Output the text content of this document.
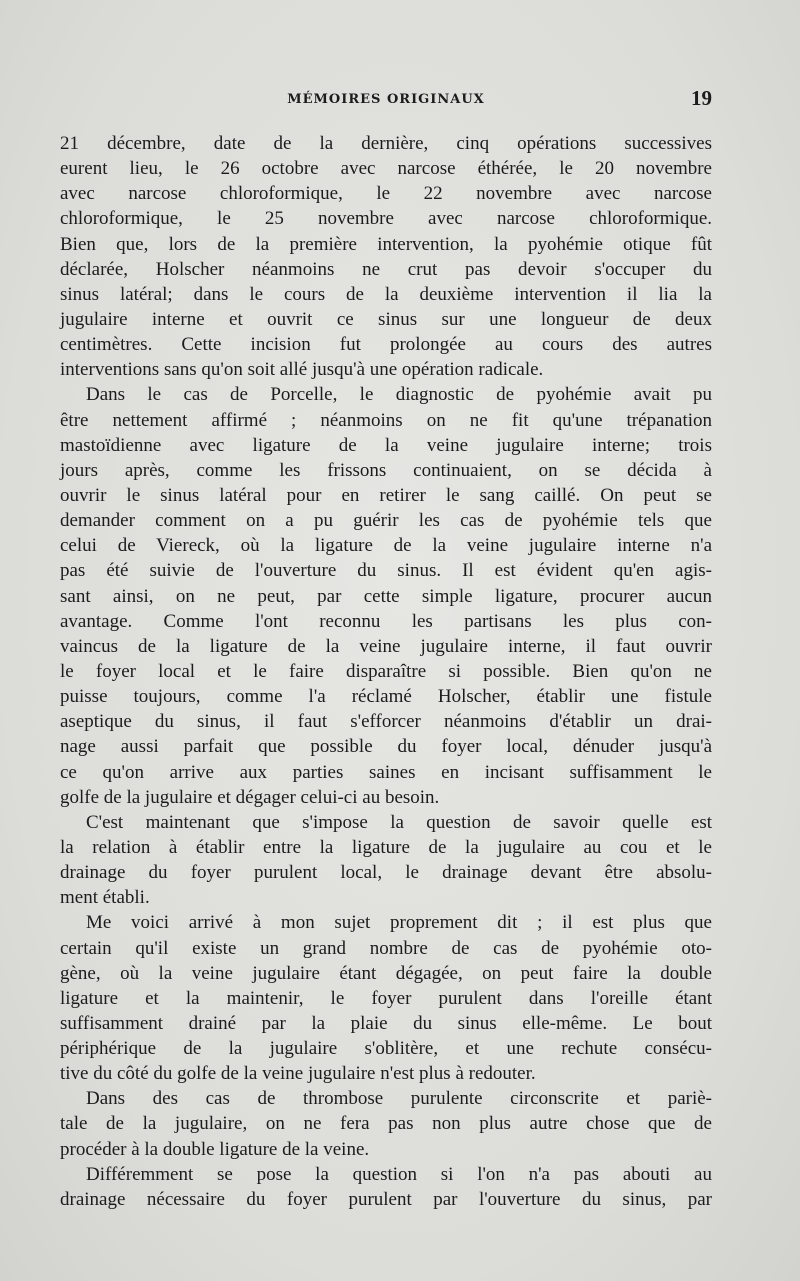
MÉMOIRES ORIGINAUX	19
21 décembre, date de la dernière, cinq opérations successives
eurent lieu, le 26 octobre avec narcose éthérée, le 20 novembre
avec narcose chloroformique, le 22 novembre avec narcose
chloroformique, le 25 novembre avec narcose chloroformique.
Bien que, lors de la première intervention, la pyohémie otique fût
déclarée, Holscher néanmoins ne crut pas devoir s'occuper du
sinus latéral; dans le cours de la deuxième intervention il lia la
jugulaire interne et ouvrit ce sinus sur une longueur de deux
centimètres. Cette incision fut prolongée au cours des autres
interventions sans qu'on soit allé jusqu'à une opération radicale.
Dans le cas de Porcelle, le diagnostic de pyohémie avait pu
être nettement affirmé ; néanmoins on ne fit qu'une trépanation
mastoïdienne avec ligature de la veine jugulaire interne; trois
jours après, comme les frissons continuaient, on se décida à
ouvrir le sinus latéral pour en retirer le sang caillé. On peut se
demander comment on a pu guérir les cas de pyohémie tels que
celui de Viereck, où la ligature de la veine jugulaire interne n'a
pas été suivie de l'ouverture du sinus. Il est évident qu'en agis-
sant ainsi, on ne peut, par cette simple ligature, procurer aucun
avantage. Comme l'ont reconnu les partisans les plus con-
vaincus de la ligature de la veine jugulaire interne, il faut ouvrir
le foyer local et le faire disparaître si possible. Bien qu'on ne
puisse toujours, comme l'a réclamé Holscher, établir une fistule
aseptique du sinus, il faut s'efforcer néanmoins d'établir un drai-
nage aussi parfait que possible du foyer local, dénuder jusqu'à
ce qu'on arrive aux parties saines en incisant suffisamment le
golfe de la jugulaire et dégager celui-ci au besoin.
C'est maintenant que s'impose la question de savoir quelle est
la relation à établir entre la ligature de la jugulaire au cou et le
drainage du foyer purulent local, le drainage devant être absolu-
ment établi.
Me voici arrivé à mon sujet proprement dit ; il est plus que
certain qu'il existe un grand nombre de cas de pyohémie oto-
gène, où la veine jugulaire étant dégagée, on peut faire la double
ligature et la maintenir, le foyer purulent dans l'oreille étant
suffisamment drainé par la plaie du sinus elle-même. Le bout
périphérique de la jugulaire s'oblitère, et une rechute consécu-
tive du côté du golfe de la veine jugulaire n'est plus à redouter.
Dans des cas de thrombose purulente circonscrite et pariè-
tale de la jugulaire, on ne fera pas non plus autre chose que de
procéder à la double ligature de la veine.
Différemment se pose la question si l'on n'a pas abouti au
drainage nécessaire du foyer purulent par l'ouverture du sinus, par
